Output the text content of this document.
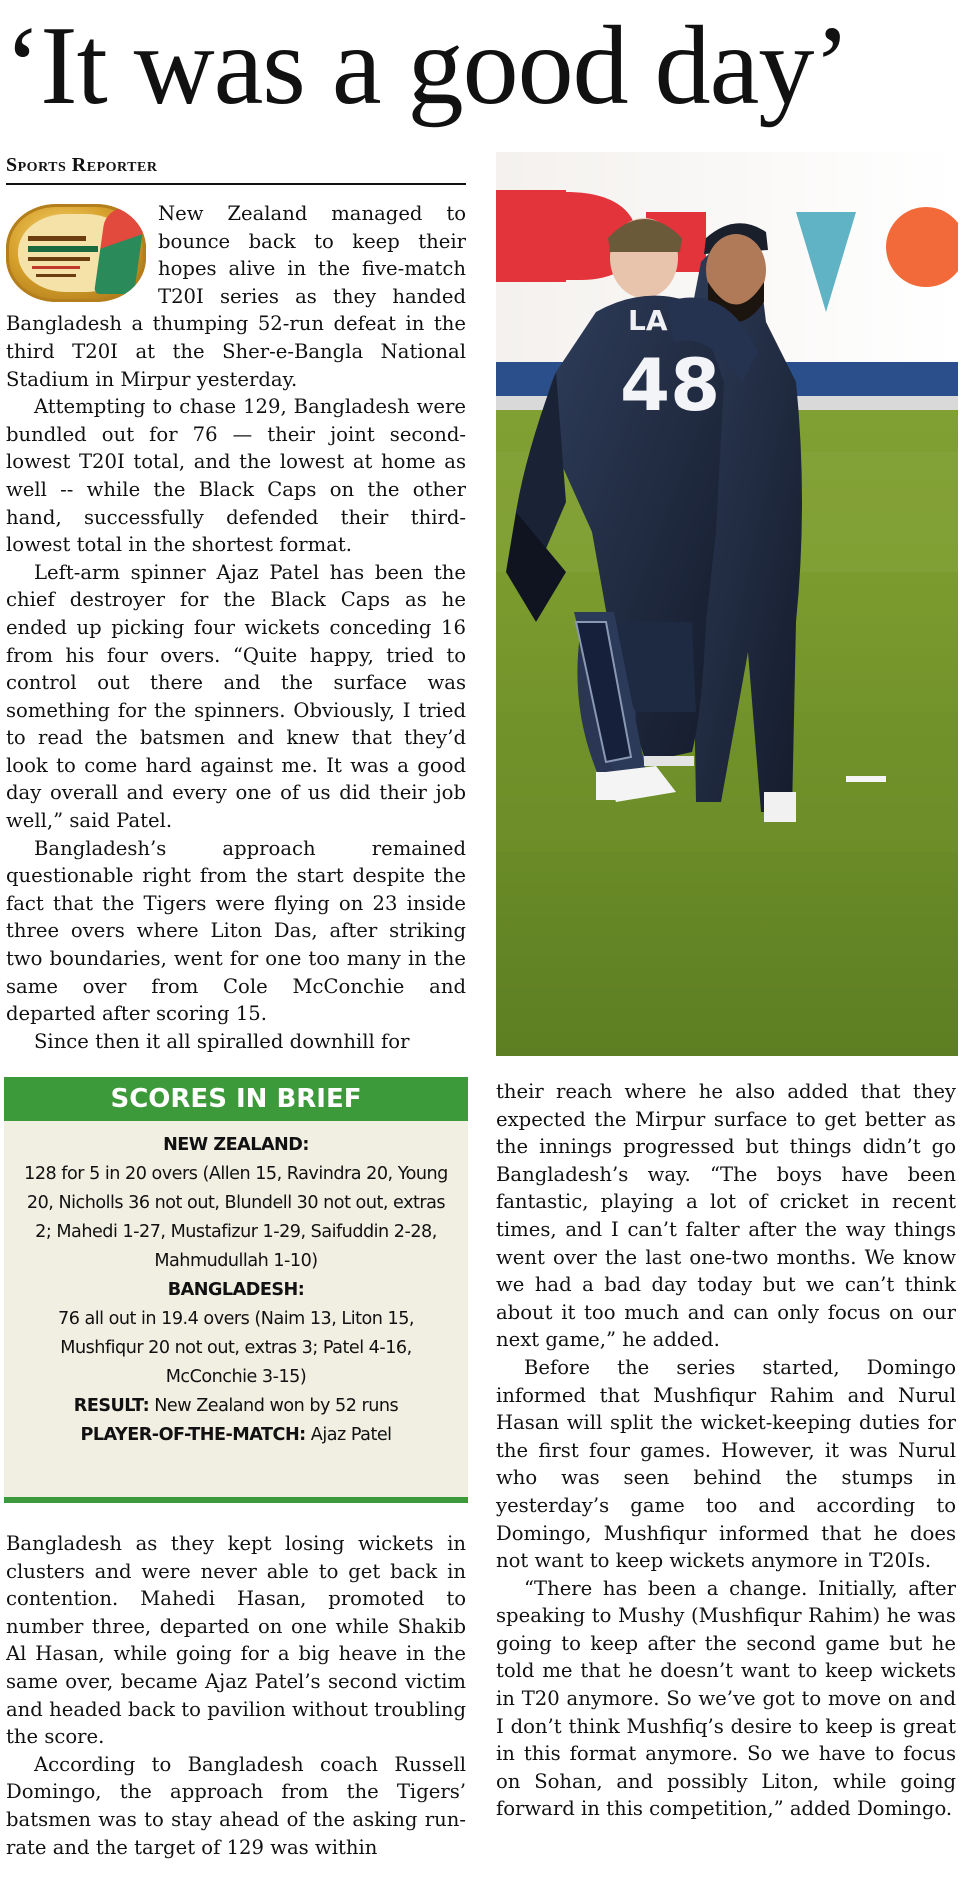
‘It was a good day’
Sports Reporter

New Zealand managed to bounce back to keep their hopes alive in the five-match T20I series as they handed Bangladesh a thumping 52-run defeat in the third T20I at the Sher-e-Bangla National Stadium in Mirpur yesterday.

Attempting to chase 129, Bangladesh were bundled out for 76 — their joint second-lowest T20I total, and the lowest at home as well -- while the Black Caps on the other hand, successfully defended their third-lowest total in the shortest format.

Left-arm spinner Ajaz Patel has been the chief destroyer for the Black Caps as he ended up picking four wickets conceding 16 from his four overs. “Quite happy, tried to control out there and the surface was something for the spinners. Obviously, I tried to read the batsmen and knew that they’d look to come hard against me. It was a good day overall and every one of us did their job well,” said Patel.

Bangladesh’s approach remained questionable right from the start despite the fact that the Tigers were flying on 23 inside three overs where Liton Das, after striking two boundaries, went for one too many in the same over from Cole McConchie and departed after scoring 15.

Since then it all spiralled downhill for

LA
48
SCORES IN BRIEF
NEW ZEALAND:
128 for 5 in 20 overs (Allen 15, Ravindra 20, Young
20, Nicholls 36 not out, Blundell 30 not out, extras
2; Mahedi 1-27, Mustafizur 1-29, Saifuddin 2-28,
Mahmudullah 1-10)
BANGLADESH:
76 all out in 19.4 overs (Naim 13, Liton 15,
Mushfiqur 20 not out, extras 3; Patel 4-16,
McConchie 3-15)
RESULT: New Zealand won by 52 runs
PLAYER-OF-THE-MATCH: Ajaz Patel

Bangladesh as they kept losing wickets in clusters and were never able to get back in contention. Mahedi Hasan, promoted to number three, departed on one while Shakib Al Hasan, while going for a big heave in the same over, became Ajaz Patel’s second victim and headed back to pavilion without troubling the score.

According to Bangladesh coach Russell Domingo, the approach from the Tigers’ batsmen was to stay ahead of the asking run-rate and the target of 129 was within

their reach where he also added that they expected the Mirpur surface to get better as the innings progressed but things didn’t go Bangladesh’s way. “The boys have been fantastic, playing a lot of cricket in recent times, and I can’t falter after the way things went over the last one-two months. We know we had a bad day today but we can’t think about it too much and can only focus on our next game,” he added.

Before the series started, Domingo informed that Mushfiqur Rahim and Nurul Hasan will split the wicket-keeping duties for the first four games. However, it was Nurul who was seen behind the stumps in yesterday’s game too and according to Domingo, Mushfiqur informed that he does not want to keep wickets anymore in T20Is.

“There has been a change. Initially, after speaking to Mushy (Mushfiqur Rahim) he was going to keep after the second game but he told me that he doesn’t want to keep wickets in T20 anymore. So we’ve got to move on and I don’t think Mushfiq’s desire to keep is great in this format anymore. So we have to focus on Sohan, and possibly Liton, while going forward in this competition,” added Domingo.
